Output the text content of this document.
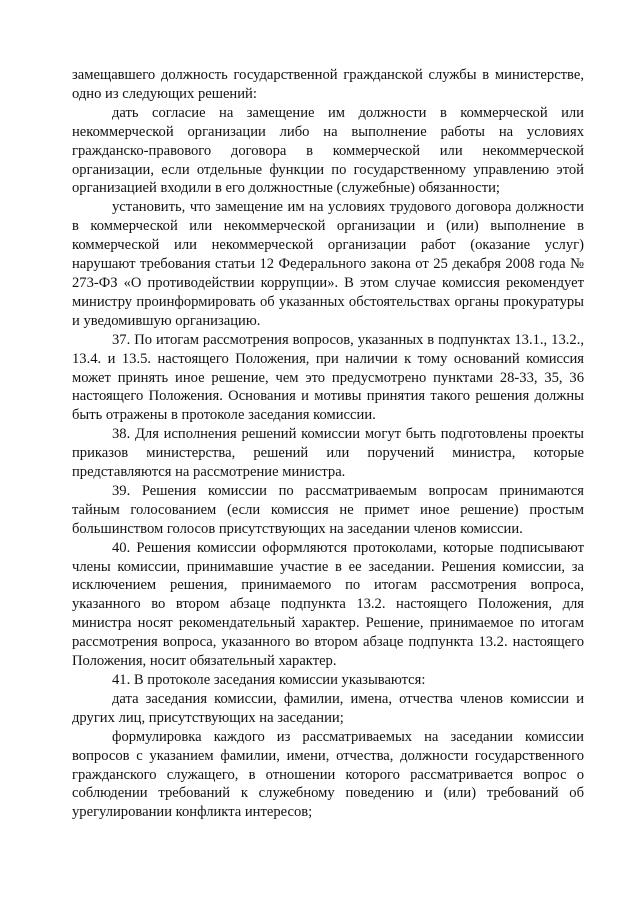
замещавшего должность государственной гражданской службы в министерстве, одно из следующих решений:

дать согласие на замещение им должности в коммерческой или некоммерческой организации либо на выполнение работы на условиях гражданско-правового договора в коммерческой или некоммерческой организации, если отдельные функции по государственному управлению этой организацией входили в его должностные (служебные) обязанности;

установить, что замещение им на условиях трудового договора должности в коммерческой или некоммерческой организации и (или) выполнение в коммерческой или некоммерческой организации работ (оказание услуг) нарушают требования статьи 12 Федерального закона от 25 декабря 2008 года № 273-ФЗ «О противодействии коррупции». В этом случае комиссия рекомендует министру проинформировать об указанных обстоятельствах органы прокуратуры и уведомившую организацию.

37. По итогам рассмотрения вопросов, указанных в подпунктах 13.1., 13.2., 13.4. и 13.5. настоящего Положения, при наличии к тому оснований комиссия может принять иное решение, чем это предусмотрено пунктами 28-33, 35, 36 настоящего Положения. Основания и мотивы принятия такого решения должны быть отражены в протоколе заседания комиссии.

38. Для исполнения решений комиссии могут быть подготовлены проекты приказов министерства, решений или поручений министра, которые представляются на рассмотрение министра.

39. Решения комиссии по рассматриваемым вопросам принимаются тайным голосованием (если комиссия не примет иное решение) простым большинством голосов присутствующих на заседании членов комиссии.

40. Решения комиссии оформляются протоколами, которые подписывают члены комиссии, принимавшие участие в ее заседании. Решения комиссии, за исключением решения, принимаемого по итогам рассмотрения вопроса, указанного во втором абзаце подпункта 13.2. настоящего Положения, для министра носят рекомендательный характер. Решение, принимаемое по итогам рассмотрения вопроса, указанного во втором абзаце подпункта 13.2. настоящего Положения, носит обязательный характер.

41. В протоколе заседания комиссии указываются:

дата заседания комиссии, фамилии, имена, отчества членов комиссии и других лиц, присутствующих на заседании;

формулировка каждого из рассматриваемых на заседании комиссии вопросов с указанием фамилии, имени, отчества, должности государственного гражданского служащего, в отношении которого рассматривается вопрос о соблюдении требований к служебному поведению и (или) требований об урегулировании конфликта интересов;
